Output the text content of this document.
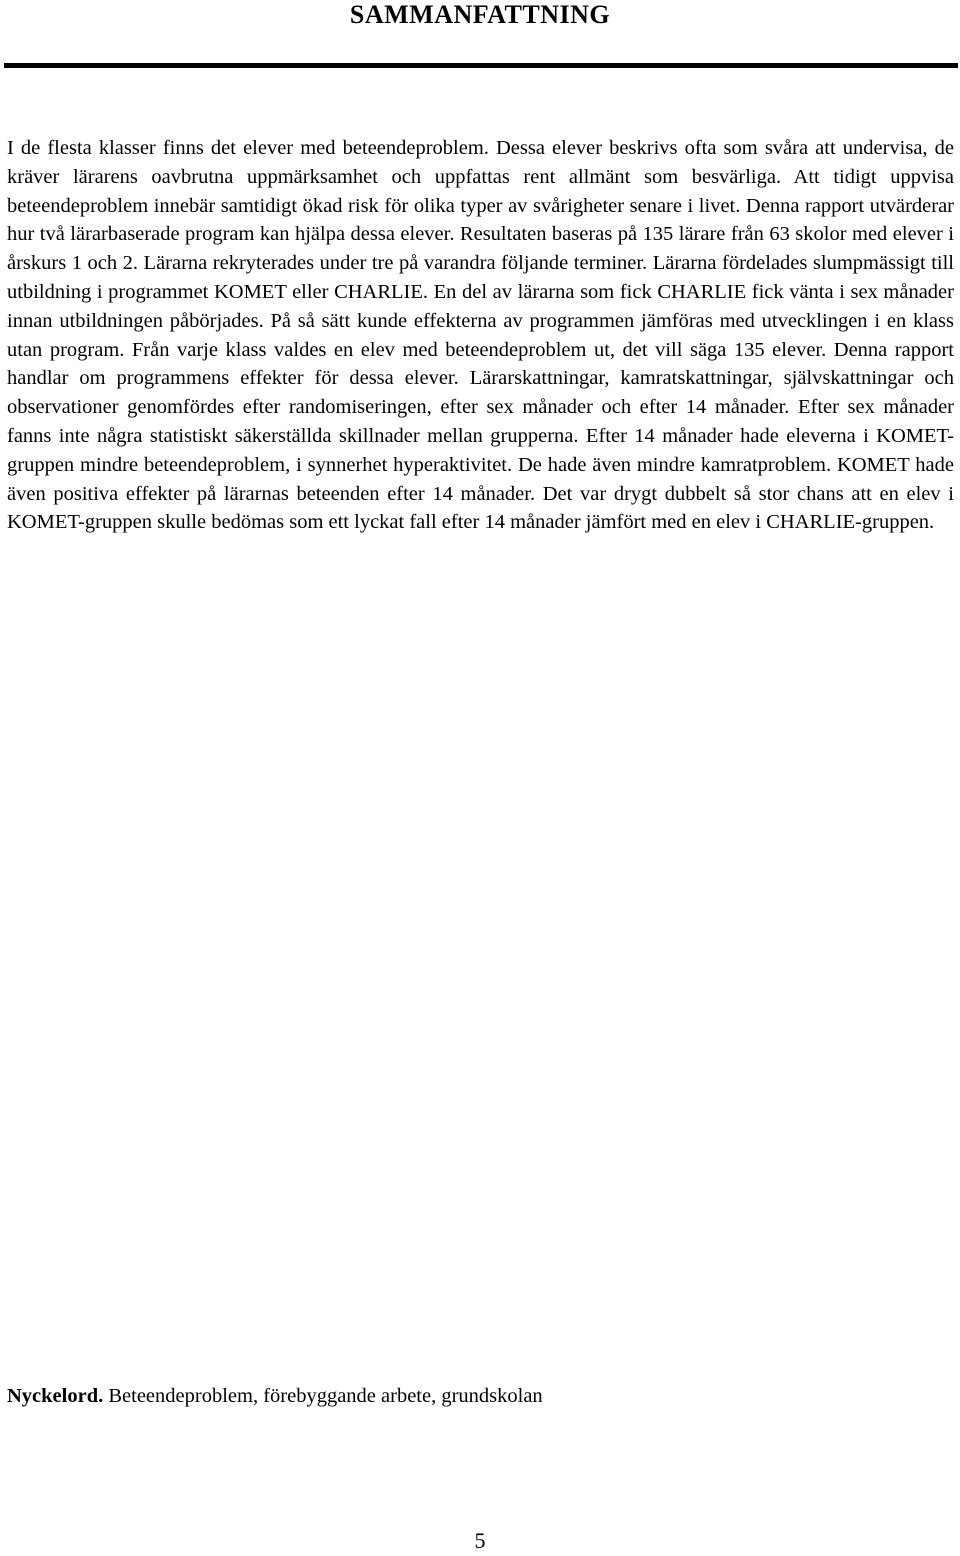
SAMMANFATTNING

I de flesta klasser finns det elever med beteendeproblem. Dessa elever beskrivs ofta som svåra att undervisa, de kräver lärarens oavbrutna uppmärksamhet och uppfattas rent allmänt som besvärliga. Att tidigt uppvisa beteendeproblem innebär samtidigt ökad risk för olika typer av svårigheter senare i livet. Denna rapport utvärderar hur två lärarbaserade program kan hjälpa dessa elever. Resultaten baseras på 135 lärare från 63 skolor med elever i årskurs 1 och 2. Lärarna rekryterades under tre på varandra följande terminer. Lärarna fördelades slumpmässigt till utbildning i programmet KOMET eller CHARLIE. En del av lärarna som fick CHARLIE fick vänta i sex månader innan utbildningen påbörjades. På så sätt kunde effekterna av programmen jämföras med utvecklingen i en klass utan program. Från varje klass valdes en elev med beteendeproblem ut, det vill säga 135 elever. Denna rapport handlar om programmens effekter för dessa elever. Lärarskattningar, kamratskattningar, självskattningar och observationer genomfördes efter randomiseringen, efter sex månader och efter 14 månader. Efter sex månader fanns inte några statistiskt säkerställda skillnader mellan grupperna. Efter 14 månader hade eleverna i KOMET-gruppen mindre beteendeproblem, i synnerhet hyperaktivitet. De hade även mindre kamratproblem. KOMET hade även positiva effekter på lärarnas beteenden efter 14 månader. Det var drygt dubbelt så stor chans att en elev i KOMET-gruppen skulle bedömas som ett lyckat fall efter 14 månader jämfört med en elev i CHARLIE-gruppen.

Nyckelord. Beteendeproblem, förebyggande arbete, grundskolan

5
